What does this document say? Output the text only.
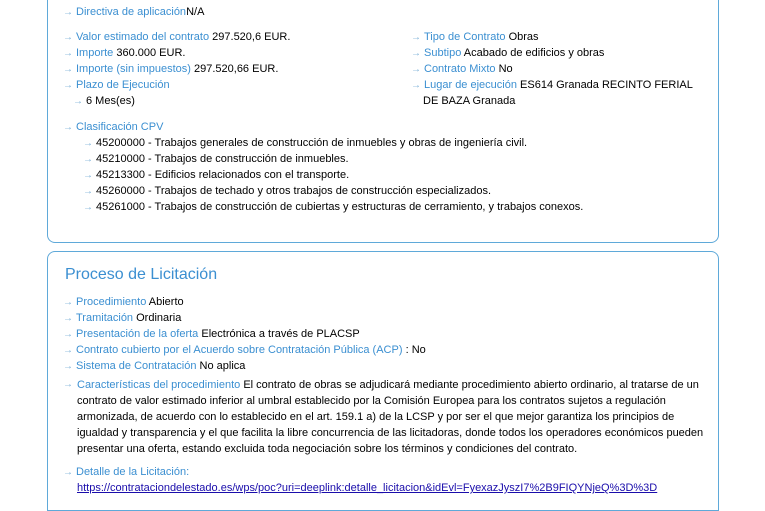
→ Directiva de aplicaciónN/A
→ Valor estimado del contrato 297.520,6 EUR.
→ Importe 360.000 EUR.
→ Importe (sin impuestos) 297.520,66 EUR.
→ Plazo de Ejecución
→ 6 Mes(es)
→ Tipo de Contrato Obras
→ Subtipo Acabado de edificios y obras
→ Contrato Mixto No
→ Lugar de ejecución ES614 Granada RECINTO FERIAL
DE BAZA Granada
→ Clasificación CPV
→ 45200000 - Trabajos generales de construcción de inmuebles y obras de ingeniería civil.
→ 45210000 - Trabajos de construcción de inmuebles.
→ 45213300 - Edificios relacionados con el transporte.
→ 45260000 - Trabajos de techado y otros trabajos de construcción especializados.
→ 45261000 - Trabajos de construcción de cubiertas y estructuras de cerramiento, y trabajos conexos.
Proceso de Licitación
→ Procedimiento Abierto
→ Tramitación Ordinaria
→ Presentación de la oferta Electrónica a través de PLACSP
→ Contrato cubierto por el Acuerdo sobre Contratación Pública (ACP) : No
→ Sistema de Contratación No aplica
→ Características del procedimiento El contrato de obras se adjudicará mediante procedimiento abierto ordinario, al tratarse de un contrato de valor estimado inferior al umbral establecido por la Comisión Europea para los contratos sujetos a regulación armonizada, de acuerdo con lo establecido en el art. 159.1 a) de la LCSP y por ser el que mejor garantiza los principios de igualdad y transparencia y el que facilita la libre concurrencia de las licitadoras, donde todos los operadores económicos pueden presentar una oferta, estando excluida toda negociación sobre los términos y condiciones del contrato.
→ Detalle de la Licitación:
https://contrataciondelestado.es/wps/poc?uri=deeplink:detalle_licitacion&idEvl=FyexazJyszI7%2B9FIQYNjeQ%3D%3D
